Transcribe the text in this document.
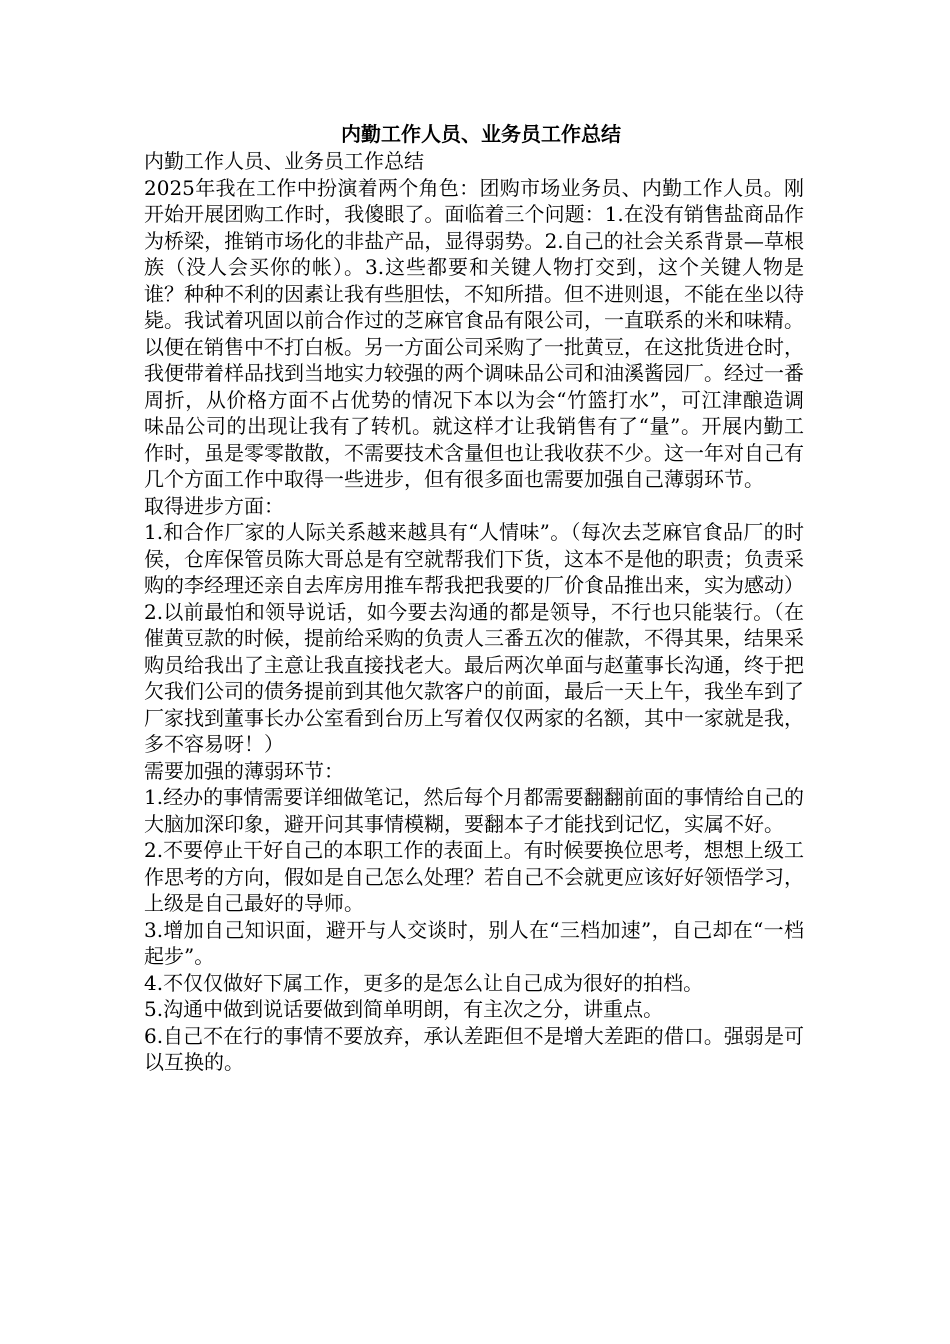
内勤工作人员、业务员工作总结

内勤工作人员、业务员工作总结

2025年我在工作中扮演着两个角色：团购市场业务员、内勤工作人员。刚开始开展团购工作时，我傻眼了。面临着三个问题：1.在没有销售盐商品作为桥梁，推销市场化的非盐产品，显得弱势。2.自己的社会关系背景—草根族（没人会买你的帐）。3.这些都要和关键人物打交到，这个关键人物是谁？种种不利的因素让我有些胆怯，不知所措。但不进则退，不能在坐以待毙。我试着巩固以前合作过的芝麻官食品有限公司，一直联系的米和味精。以便在销售中不打白板。另一方面公司采购了一批黄豆，在这批货进仓时，我便带着样品找到当地实力较强的两个调味品公司和油溪酱园厂。经过一番周折，从价格方面不占优势的情况下本以为会“竹篮打水”，可江津酿造调味品公司的出现让我有了转机。就这样才让我销售有了“量”。开展内勤工作时，虽是零零散散，不需要技术含量但也让我收获不少。这一年对自己有几个方面工作中取得一些进步，但有很多面也需要加强自己薄弱环节。

取得进步方面：

1.和合作厂家的人际关系越来越具有“人情味”。（每次去芝麻官食品厂的时侯，仓库保管员陈大哥总是有空就帮我们下货，这本不是他的职责；负责采购的李经理还亲自去库房用推车帮我把我要的厂价食品推出来，实为感动）

2.以前最怕和领导说话，如今要去沟通的都是领导，不行也只能装行。（在催黄豆款的时候，提前给采购的负责人三番五次的催款，不得其果，结果采购员给我出了主意让我直接找老大。最后两次单面与赵董事长沟通，终于把欠我们公司的债务提前到其他欠款客户的前面，最后一天上午，我坐车到了厂家找到董事长办公室看到台历上写着仅仅两家的名额，其中一家就是我，多不容易呀！）

需要加强的薄弱环节：

1.经办的事情需要详细做笔记，然后每个月都需要翻翻前面的事情给自己的大脑加深印象，避开问其事情模糊，要翻本子才能找到记忆，实属不好。

2.不要停止干好自己的本职工作的表面上。有时候要换位思考，想想上级工作思考的方向，假如是自己怎么处理？若自己不会就更应该好好领悟学习，上级是自己最好的导师。

3.增加自己知识面，避开与人交谈时，别人在“三档加速”，自己却在“一档起步”。

4.不仅仅做好下属工作，更多的是怎么让自己成为很好的拍档。

5.沟通中做到说话要做到简单明朗，有主次之分，讲重点。

6.自己不在行的事情不要放弃，承认差距但不是增大差距的借口。强弱是可以互换的。
